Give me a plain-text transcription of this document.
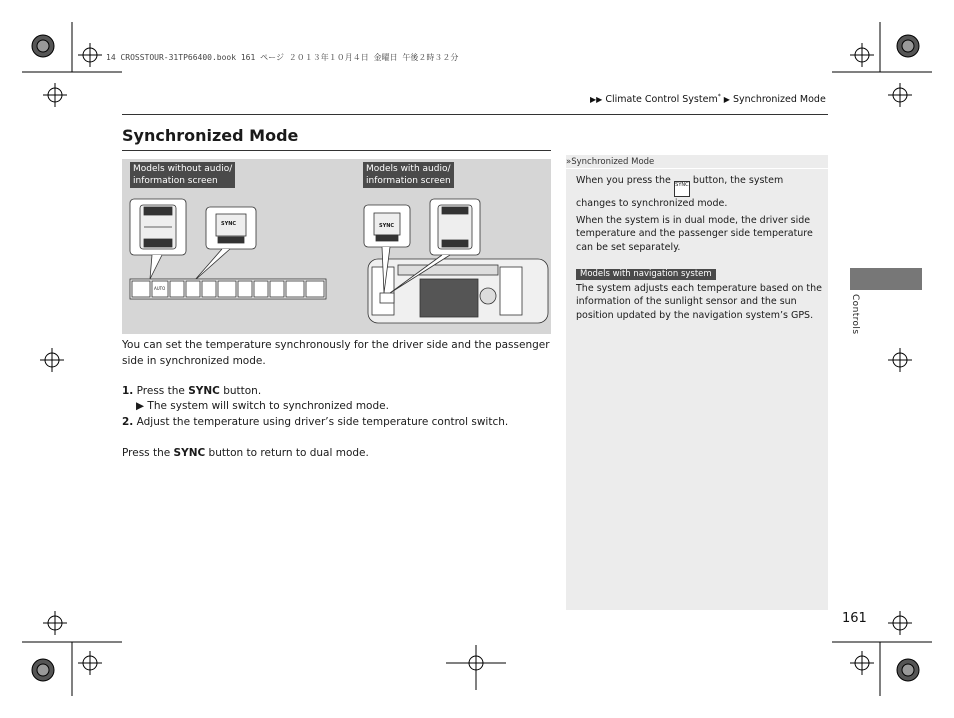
14 CROSSTOUR-31TP66400.book 161 ページ ２０１３年１０月４日 金曜日 午後２時３２分
▶▶ Climate Control System* ▶ Synchronized Mode
Synchronized Mode
Models without audio/
information screen
Models with audio/
information screen
SYNC	SYNC
AUTO
You can set the temperature synchronously for the driver side and the passenger side in synchronized mode.
1. Press the SYNC button.
▶ The system will switch to synchronized mode.
2. Adjust the temperature using driver’s side temperature control switch.
Press the SYNC button to return to dual mode.
»Synchronized Mode
When you press the SYNC button, the system changes to synchronized mode.
When the system is in dual mode, the driver side temperature and the passenger side temperature can be set separately.
Models with navigation system
The system adjusts each temperature based on the information of the sunlight sensor and the sun position updated by the navigation system’s GPS.	Controls
161
